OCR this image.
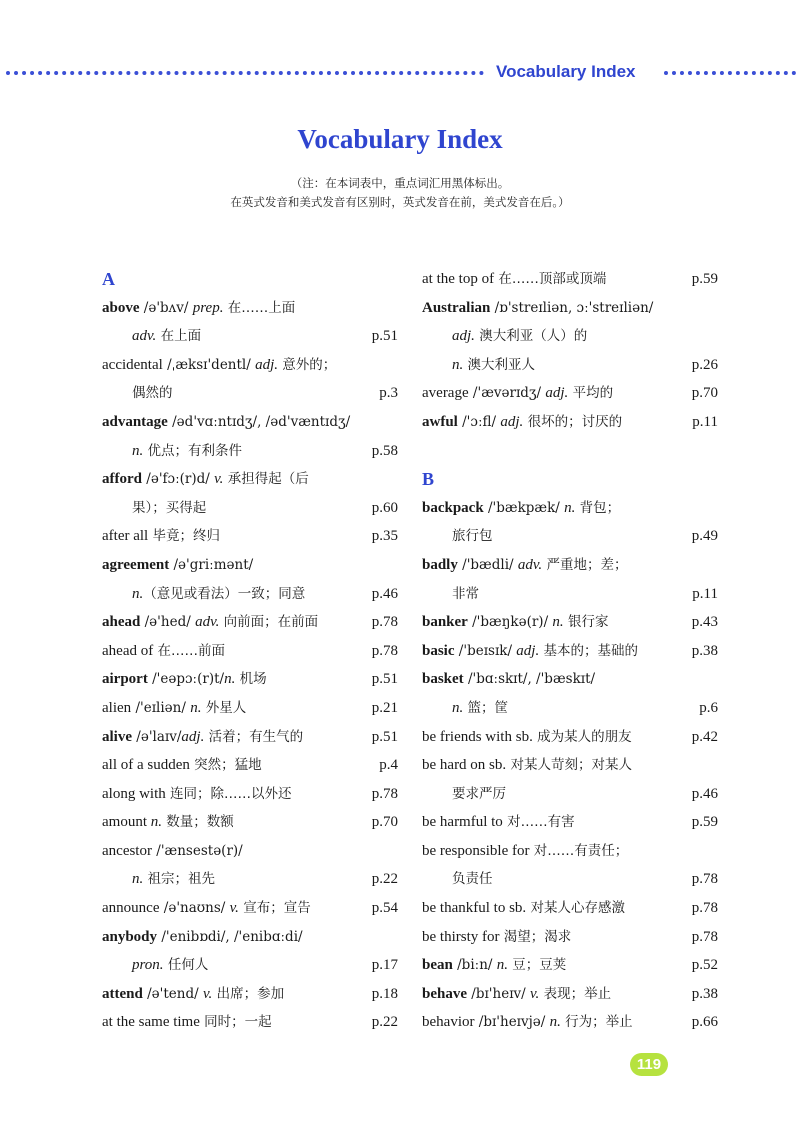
Vocabulary Index
Vocabulary Index
（注：在本词表中，重点词汇用黑体标出。
在英式发音和美式发音有区别时，英式发音在前，美式发音在后。）
A
above /ə'bʌv/ prep. 在……上面
adv. 在上面	p.51
accidental /ˌæksɪ'dentl/ adj. 意外的；
偶然的	p.3
advantage /əd'vɑːntɪdʒ/, /əd'væntɪdʒ/
n. 优点；有利条件	p.58
afford /ə'fɔː(r)d/ v. 承担得起（后
果）；买得起	p.60
after all 毕竟；终归	p.35
agreement /ə'griːmənt/
n.（意见或看法）一致；同意	p.46
ahead /ə'hed/ adv. 向前面；在前面	p.78
ahead of 在……前面	p.78
airport /'eəpɔː(r)t/n. 机场	p.51
alien /'eɪliən/ n. 外星人	p.21
alive /ə'laɪv/adj. 活着；有生气的	p.51
all of a sudden 突然；猛地	p.4
along with 连同；除……以外还	p.78
amount n. 数量；数额	p.70
ancestor /'ænsestə(r)/
n. 祖宗；祖先	p.22
announce /ə'naʊns/ v. 宣布；宣告	p.54
anybody /'enibɒdi/, /'enibɑːdi/
pron. 任何人	p.17
attend /ə'tend/ v. 出席；参加	p.18
at the same time 同时；一起	p.22
at the top of 在……顶部或顶端	p.59
Australian /ɒ'streɪliən, ɔː'streɪliən/
adj. 澳大利亚（人）的
n. 澳大利亚人	p.26
average /'ævərɪdʒ/ adj. 平均的	p.70
awful /'ɔːfl/ adj. 很坏的；讨厌的	p.11
B
backpack /'bækpæk/ n. 背包；
旅行包	p.49
badly /'bædli/ adv. 严重地；差；
非常	p.11
banker /'bæŋkə(r)/ n. 银行家	p.43
basic /'beɪsɪk/ adj. 基本的；基础的	p.38
basket /'bɑːskɪt/, /'bæskɪt/
n. 篮；筐	p.6
be friends with sb. 成为某人的朋友	p.42
be hard on sb. 对某人苛刻；对某人
要求严厉	p.46
be harmful to 对……有害	p.59
be responsible for 对……有责任；
负责任	p.78
be thankful to sb. 对某人心存感激	p.78
be thirsty for 渴望；渴求	p.78
bean /biːn/ n. 豆；豆荚	p.52
behave /bɪ'heɪv/ v. 表现；举止	p.38
behavior /bɪ'heɪvjə/ n. 行为；举止	p.66
119
